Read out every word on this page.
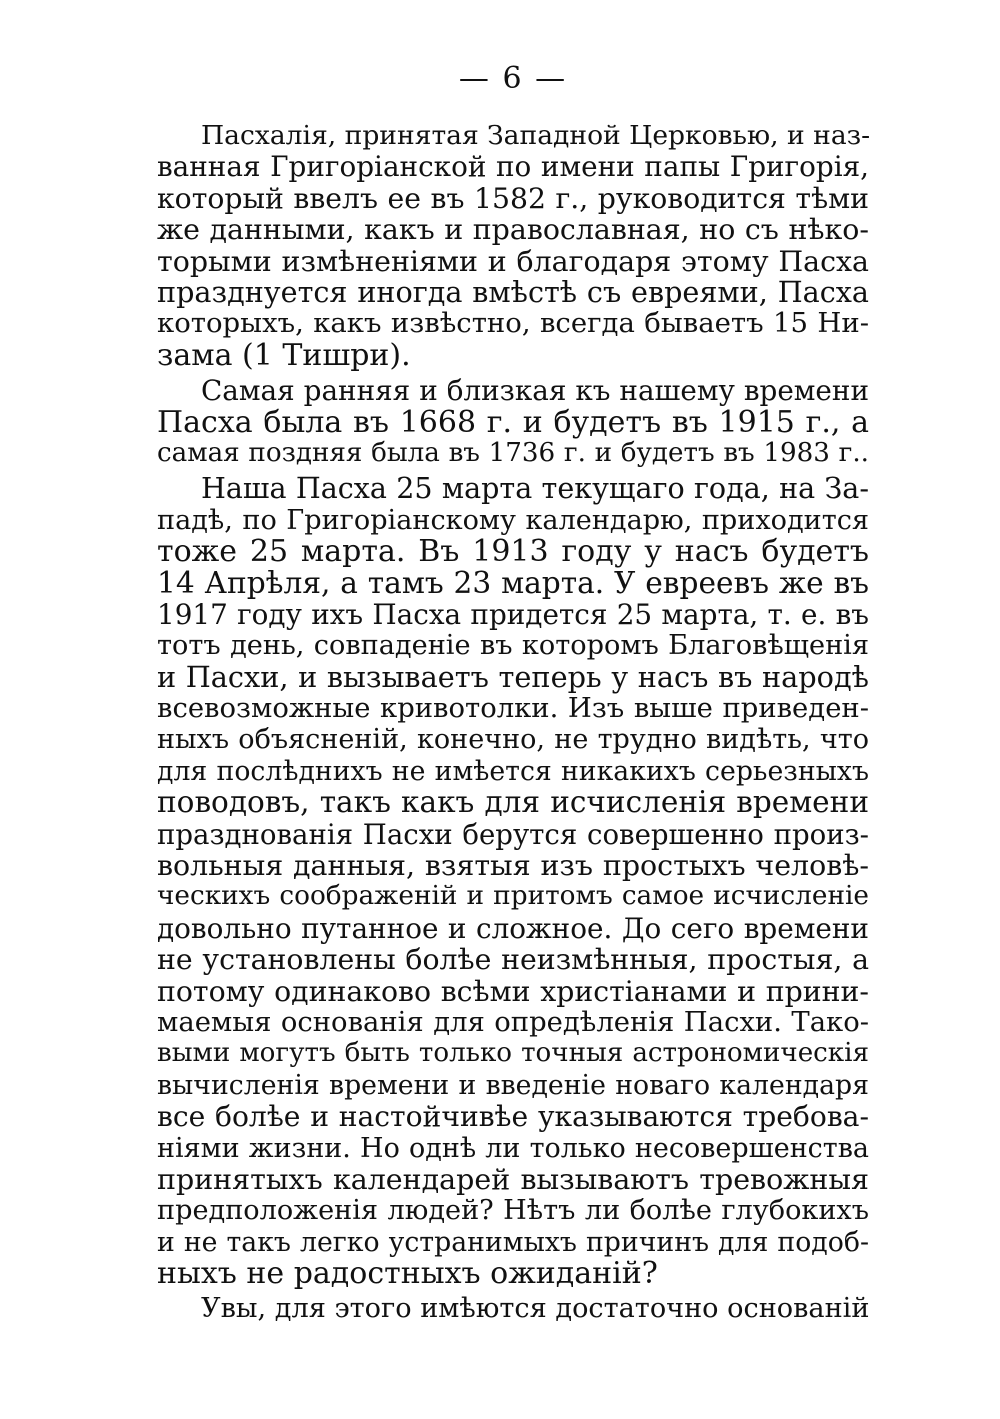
— 6 —
Пасхалія, принятая Западной Церковью, и наз-
ванная Григоріанской по имени папы Григорія,
который ввелъ ее въ 1582 г., руководится тѣми
же данными, какъ и православная, но съ нѣко-
торыми измѣненіями и благодаря этому Пасха
празднуется иногда вмѣстѣ съ евреями, Пасха
которыхъ, какъ извѣстно, всегда бываетъ 15 Ни-
зама (1 Тишри).
Самая ранняя и близкая къ нашему времени
Пасха была въ 1668 г. и будетъ въ 1915 г., а
самая поздняя была въ 1736 г. и будетъ въ 1983 г..
Наша Пасха 25 марта текущаго года, на За-
падѣ, по Григоріанскому календарю, приходится
тоже 25 марта. Въ 1913 году у насъ будетъ
14 Апрѣля, а тамъ 23 марта. У евреевъ же въ
1917 году ихъ Пасха придется 25 марта, т. е. въ
тотъ день, совпаденіе въ которомъ Благовѣщенія
и Пасхи, и вызываетъ теперь у насъ въ народѣ
всевозможные кривотолки. Изъ выше приведен-
ныхъ объясненій, конечно, не трудно видѣть, что
для послѣднихъ не имѣется никакихъ серьезныхъ
поводовъ, такъ какъ для исчисленія времени
празднованія Пасхи берутся совершенно произ-
вольныя данныя, взятыя изъ простыхъ человѣ-
ческихъ соображеній и притомъ самое исчисленіе
довольно путанное и сложное. До сего времени
не установлены болѣе неизмѣнныя, простыя, а
потому одинаково всѣми христіанами и прини-
маемыя основанія для опредѣленія Пасхи. Тако-
выми могутъ быть только точныя астрономическія
вычисленія времени и введеніе новаго календаря
все болѣе и настойчивѣе указываются требова-
ніями жизни. Но однѣ ли только несовершенства
принятыхъ календарей вызываютъ тревожныя
предположенія людей? Нѣтъ ли болѣе глубокихъ
и не такъ легко устранимыхъ причинъ для подоб-
ныхъ не радостныхъ ожиданій?
Увы, для этого имѣются достаточно основаній
